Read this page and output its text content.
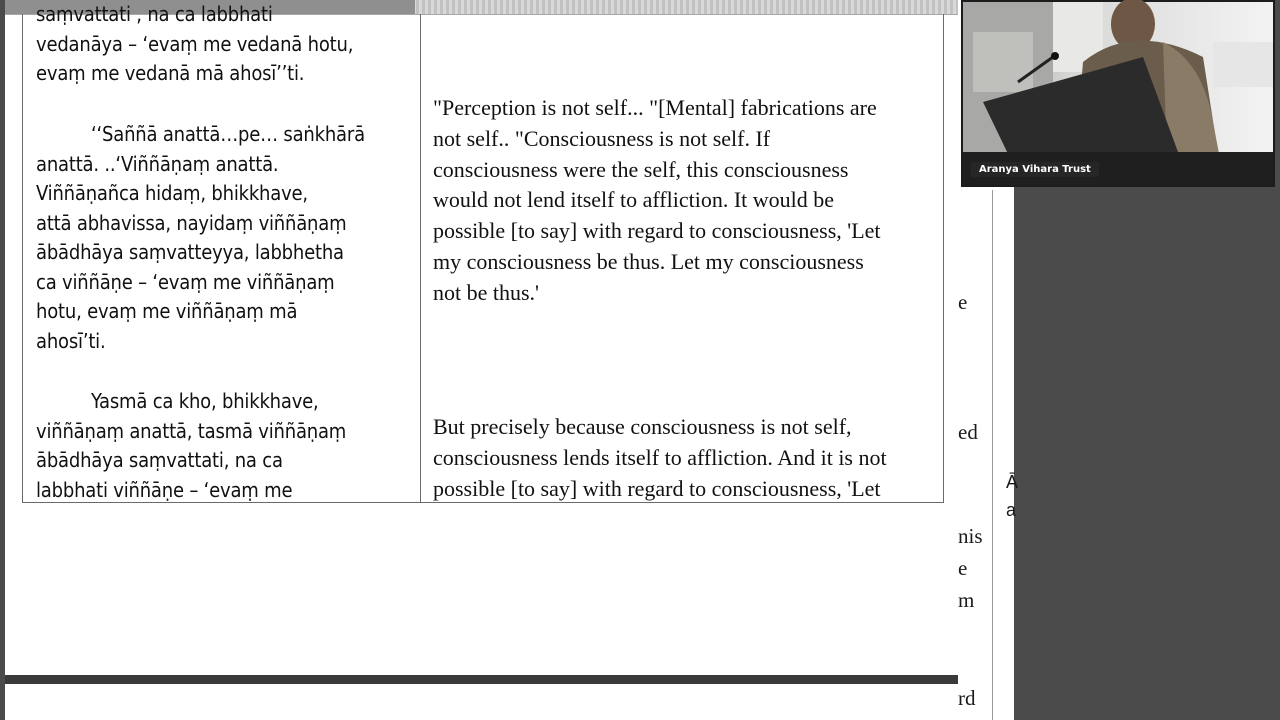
e
ed
nis
e
m
rd
Ā
a
saṃvattati , na ca labbhati
vedanāya – ‘evaṃ me vedanā hotu,
evaṃ me vedanā mā ahosī’’ti.
‘‘Saññā anattā…pe… saṅkhārā
anattā. ..‘Viññāṇaṃ anattā.
Viññāṇañca hidaṃ, bhikkhave,
attā abhavissa, nayidaṃ viññāṇaṃ
ābādhāya saṃvatteyya, labbhetha
ca viññāṇe – ‘evaṃ me viññāṇaṃ
hotu, evaṃ me viññāṇaṃ mā
ahosī’ti.
Yasmā ca kho, bhikkhave,
viññāṇaṃ anattā, tasmā viññāṇaṃ
ābādhāya saṃvattati, na ca
labbhati viññāṇe – ‘evaṃ me
"Perception is not self... "[Mental] fabrications are
not self.. "Consciousness is not self. If
consciousness were the self, this consciousness
would not lend itself to affliction. It would be
possible [to say] with regard to consciousness, 'Let
my consciousness be thus. Let my consciousness
not be thus.'
But precisely because consciousness is not self,
consciousness lends itself to affliction. And it is not
possible [to say] with regard to consciousness, 'Let
Aranya Vihara Trust
